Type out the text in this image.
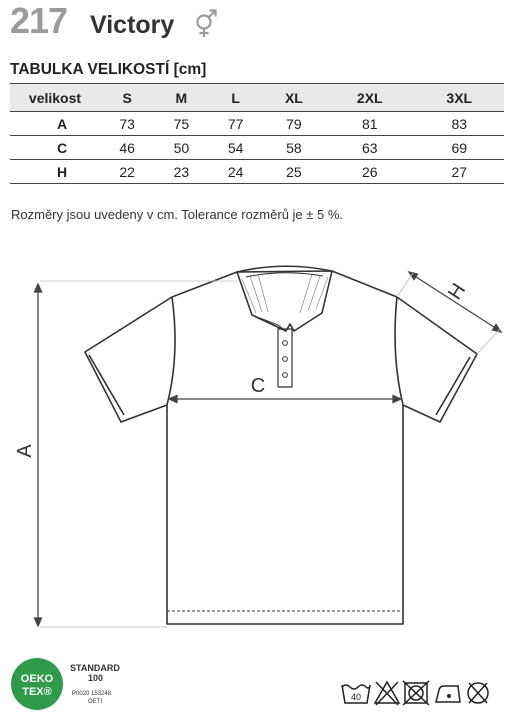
217 Victory
TABULKA VELIKOSTÍ [cm]
velikost	S	M	L	XL	2XL	3XL
A	73	75	77	79	81	83
C	46	50	54	58	63	69
H	22	23	24	25	26	27
Rozměry jsou uvedeny v cm. Tolerance rozměrů je ± 5 %.
A
C
H
OEKO
TEX®
STANDARD
100
P0020 153248
OETI	40
